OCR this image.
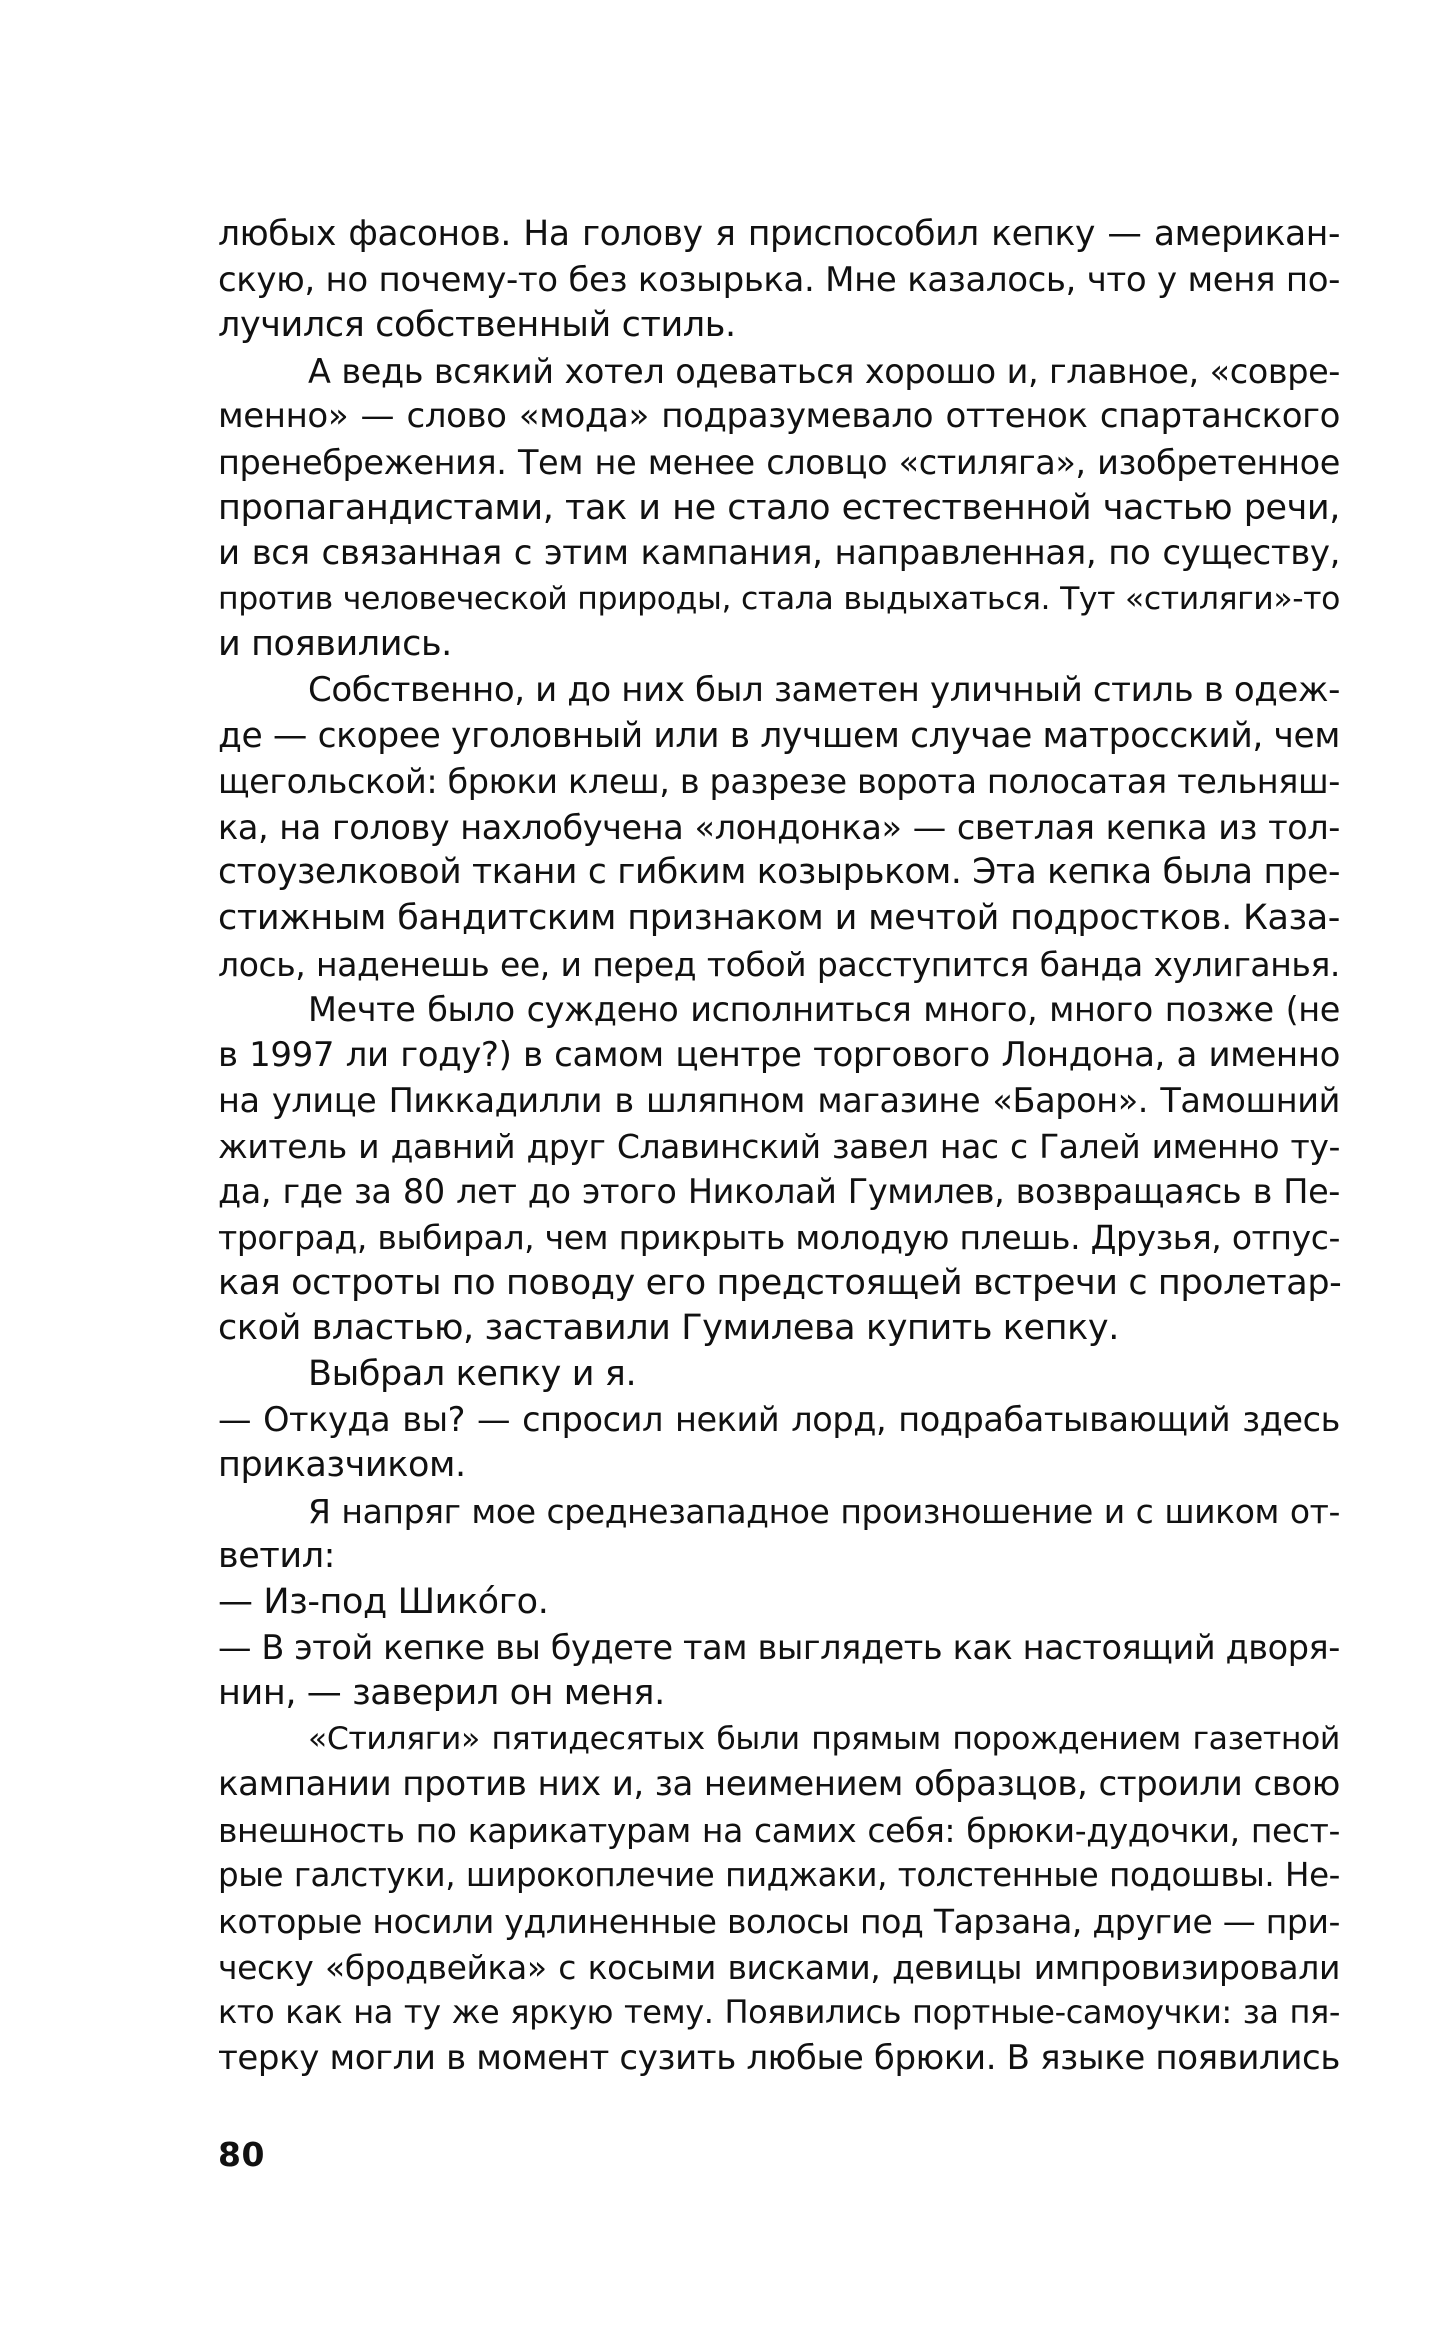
любых фасонов. На голову я приспособил кепку — американ-
скую, но почему-то без козырька. Мне казалось, что у меня по-
лучился собственный стиль.
А ведь всякий хотел одеваться хорошо и, главное, «совре-
менно» — слово «мода» подразумевало оттенок спартанского
пренебрежения. Тем не менее словцо «стиляга», изобретенное
пропагандистами, так и не стало естественной частью речи,
и вся связанная с этим кампания, направленная, по существу,
против человеческой природы, стала выдыхаться. Тут «стиляги»-то
и появились.
Собственно, и до них был заметен уличный стиль в одеж-
де — скорее уголовный или в лучшем случае матросский, чем
щегольской: брюки клеш, в разрезе ворота полосатая тельняш-
ка, на голову нахлобучена «лондонка» — светлая кепка из тол-
стоузелковой ткани с гибким козырьком. Эта кепка была пре-
стижным бандитским признаком и мечтой подростков. Каза-
лось, наденешь ее, и перед тобой расступится банда хулиганья.
Мечте было суждено исполниться много, много позже (не
в 1997 ли году?) в самом центре торгового Лондона, а именно
на улице Пиккадилли в шляпном магазине «Барон». Тамошний
житель и давний друг Славинский завел нас с Галей именно ту-
да, где за 80 лет до этого Николай Гумилев, возвращаясь в Пе-
троград, выбирал, чем прикрыть молодую плешь. Друзья, отпус-
кая остроты по поводу его предстоящей встречи с пролетар-
ской властью, заставили Гумилева купить кепку.
Выбрал кепку и я.
— Откуда вы? — спросил некий лорд, подрабатывающий здесь
приказчиком.
Я напряг мое среднезападное произношение и с шиком от-
ветил:
— Из-под Шико́го.
— В этой кепке вы будете там выглядеть как настоящий дворя-
нин, — заверил он меня.
«Стиляги» пятидесятых были прямым порождением газетной
кампании против них и, за неимением образцов, строили свою
внешность по карикатурам на самих себя: брюки-дудочки, пест-
рые галстуки, широкоплечие пиджаки, толстенные подошвы. Не-
которые носили удлиненные волосы под Тарзана, другие — при-
ческу «бродвейка» с косыми висками, девицы импровизировали
кто как на ту же яркую тему. Появились портные-самоучки: за пя-
терку могли в момент сузить любые брюки. В языке появились
80
